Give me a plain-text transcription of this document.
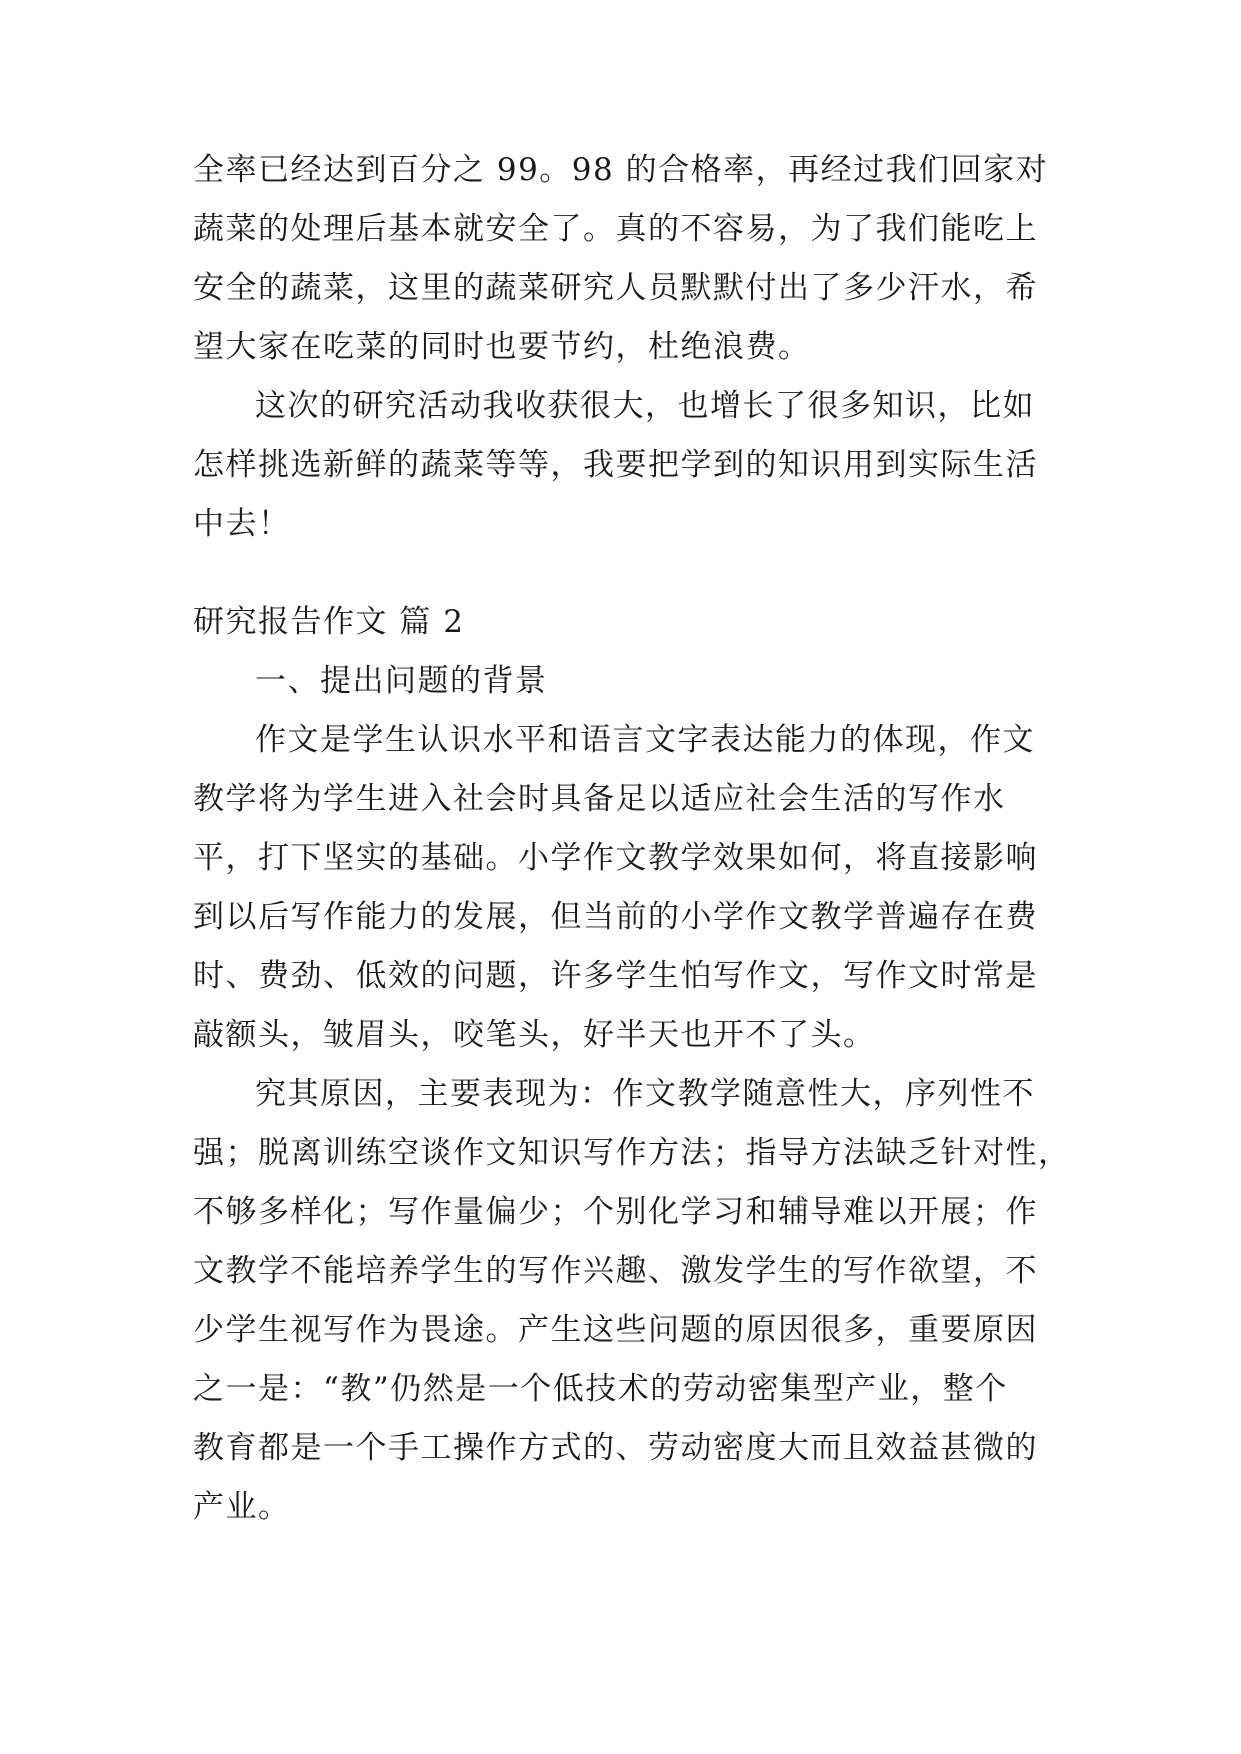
全率已经达到百分之 99。98 的合格率，再经过我们回家对
蔬菜的处理后基本就安全了。真的不容易，为了我们能吃上
安全的蔬菜，这里的蔬菜研究人员默默付出了多少汗水，希
望大家在吃菜的同时也要节约，杜绝浪费。
这次的研究活动我收获很大，也增长了很多知识，比如
怎样挑选新鲜的蔬菜等等，我要把学到的知识用到实际生活
中去！
研究报告作文 篇 2
一、提出问题的背景
作文是学生认识水平和语言文字表达能力的体现，作文
教学将为学生进入社会时具备足以适应社会生活的写作水
平，打下坚实的基础。小学作文教学效果如何，将直接影响
到以后写作能力的发展，但当前的小学作文教学普遍存在费
时、费劲、低效的问题，许多学生怕写作文，写作文时常是
敲额头，皱眉头，咬笔头，好半天也开不了头。
究其原因，主要表现为：作文教学随意性大，序列性不
强；脱离训练空谈作文知识写作方法；指导方法缺乏针对性，
不够多样化；写作量偏少；个别化学习和辅导难以开展；作
文教学不能培养学生的写作兴趣、激发学生的写作欲望，不
少学生视写作为畏途。产生这些问题的原因很多，重要原因
之一是：“教”仍然是一个低技术的劳动密集型产业，整个
教育都是一个手工操作方式的、劳动密度大而且效益甚微的
产业。
